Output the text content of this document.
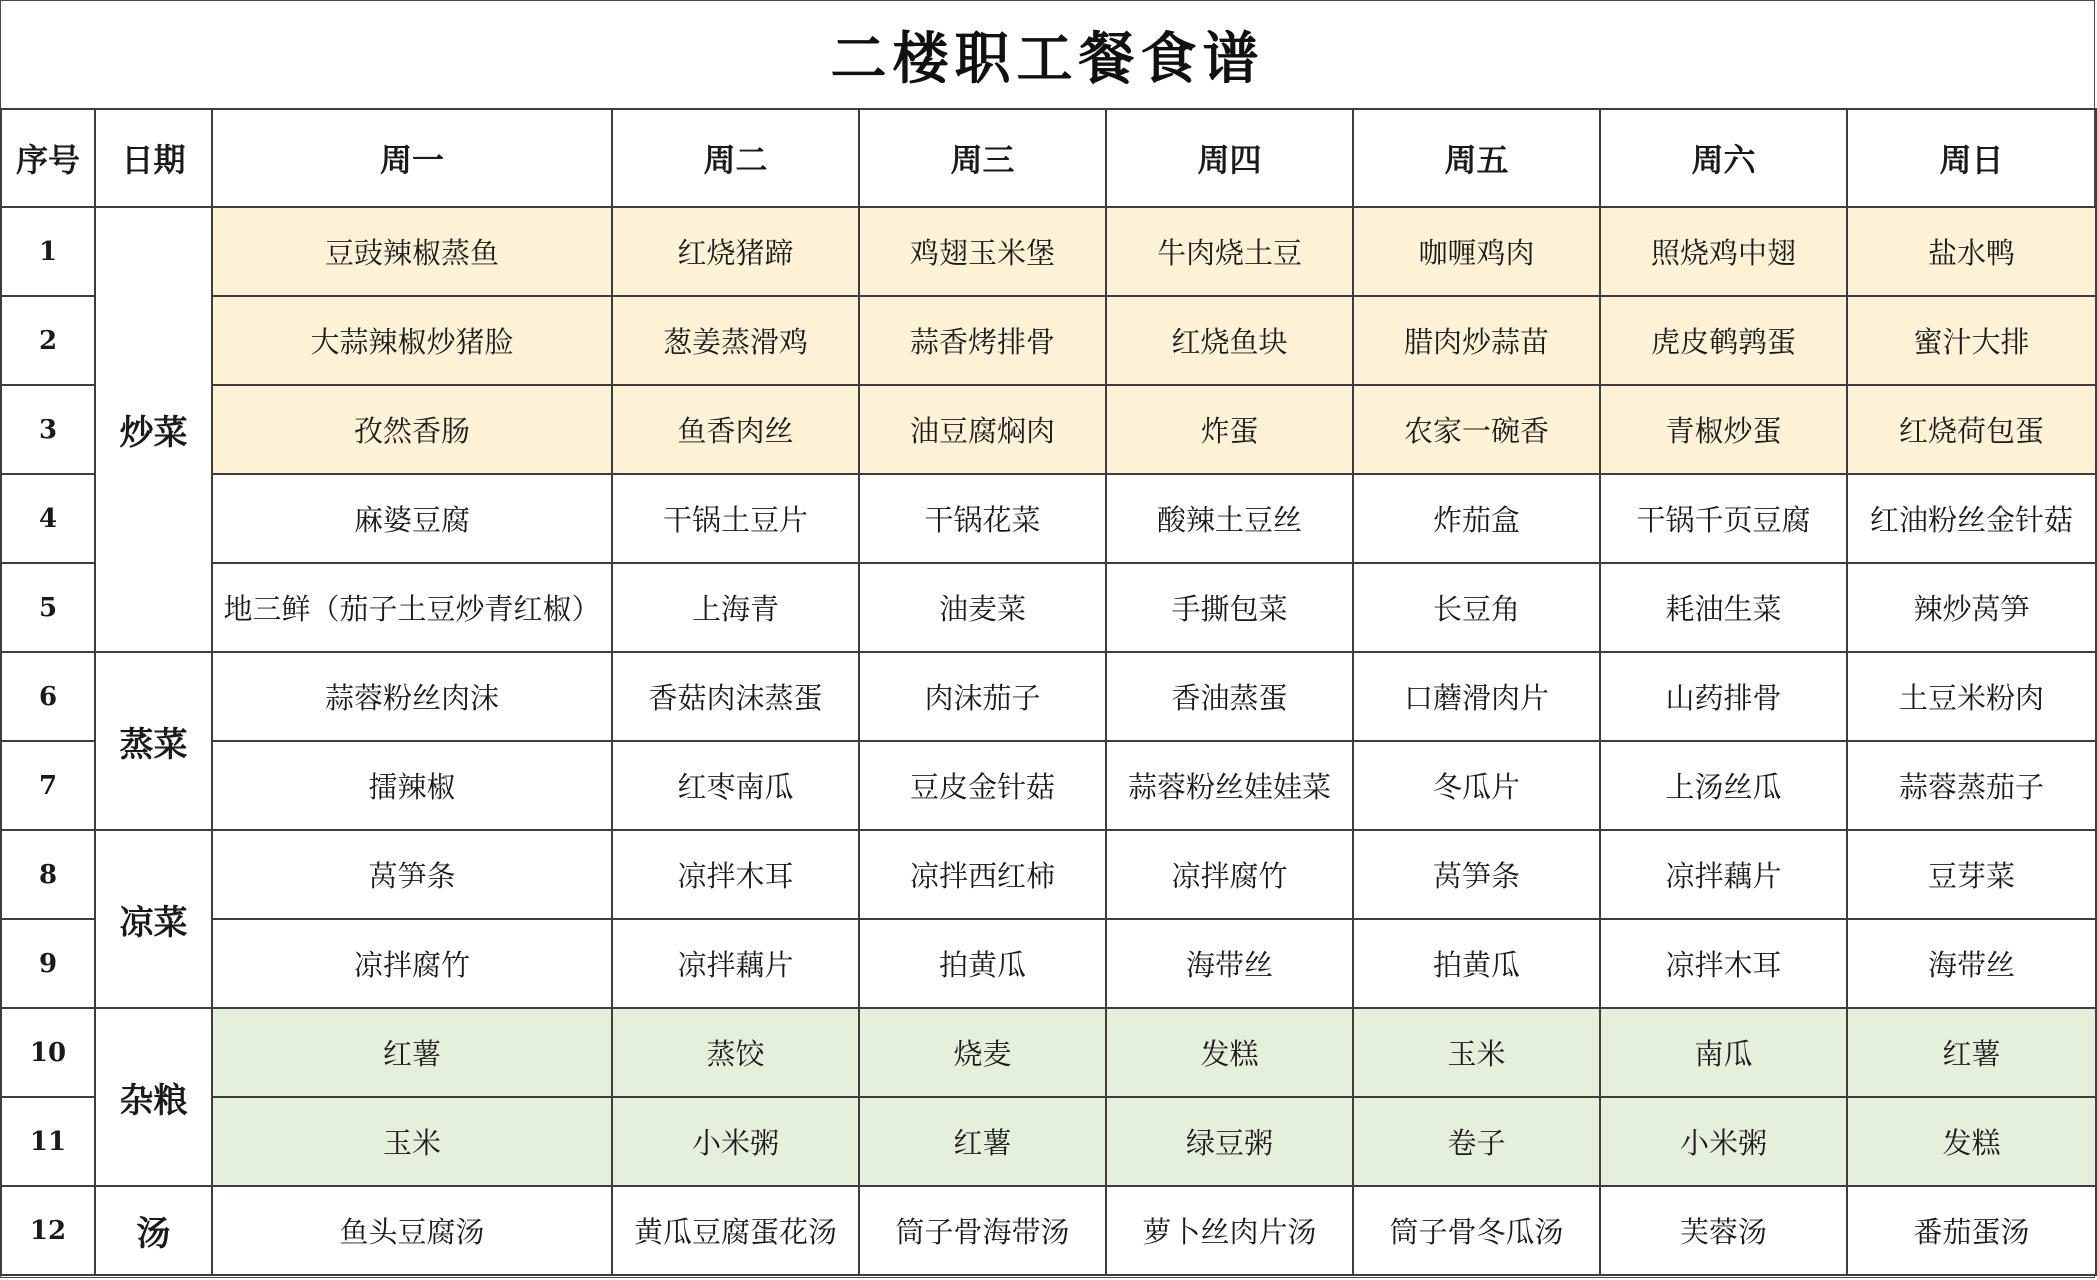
二楼职工餐食谱
序号	日期	周一	周二	周三	周四	周五	周六	周日
1	炒菜	豆豉辣椒蒸鱼	红烧猪蹄	鸡翅玉米堡	牛肉烧土豆	咖喱鸡肉	照烧鸡中翅	盐水鸭
2		大蒜辣椒炒猪脸	葱姜蒸滑鸡	蒜香烤排骨	红烧鱼块	腊肉炒蒜苗	虎皮鹌鹑蛋	蜜汁大排
3		孜然香肠	鱼香肉丝	油豆腐焖肉	炸蛋	农家一碗香	青椒炒蛋	红烧荷包蛋
4		麻婆豆腐	干锅土豆片	干锅花菜	酸辣土豆丝	炸茄盒	干锅千页豆腐	红油粉丝金针菇
5		地三鲜（茄子土豆炒青红椒）	上海青	油麦菜	手撕包菜	长豆角	耗油生菜	辣炒莴笋
6	蒸菜	蒜蓉粉丝肉沫	香菇肉沫蒸蛋	肉沫茄子	香油蒸蛋	口蘑滑肉片	山药排骨	土豆米粉肉
7		擂辣椒	红枣南瓜	豆皮金针菇	蒜蓉粉丝娃娃菜	冬瓜片	上汤丝瓜	蒜蓉蒸茄子
8	凉菜	莴笋条	凉拌木耳	凉拌西红柿	凉拌腐竹	莴笋条	凉拌藕片	豆芽菜
9		凉拌腐竹	凉拌藕片	拍黄瓜	海带丝	拍黄瓜	凉拌木耳	海带丝
10	杂粮	红薯	蒸饺	烧麦	发糕	玉米	南瓜	红薯
11		玉米	小米粥	红薯	绿豆粥	卷子	小米粥	发糕
12	汤	鱼头豆腐汤	黄瓜豆腐蛋花汤	筒子骨海带汤	萝卜丝肉片汤	筒子骨冬瓜汤	芙蓉汤	番茄蛋汤
